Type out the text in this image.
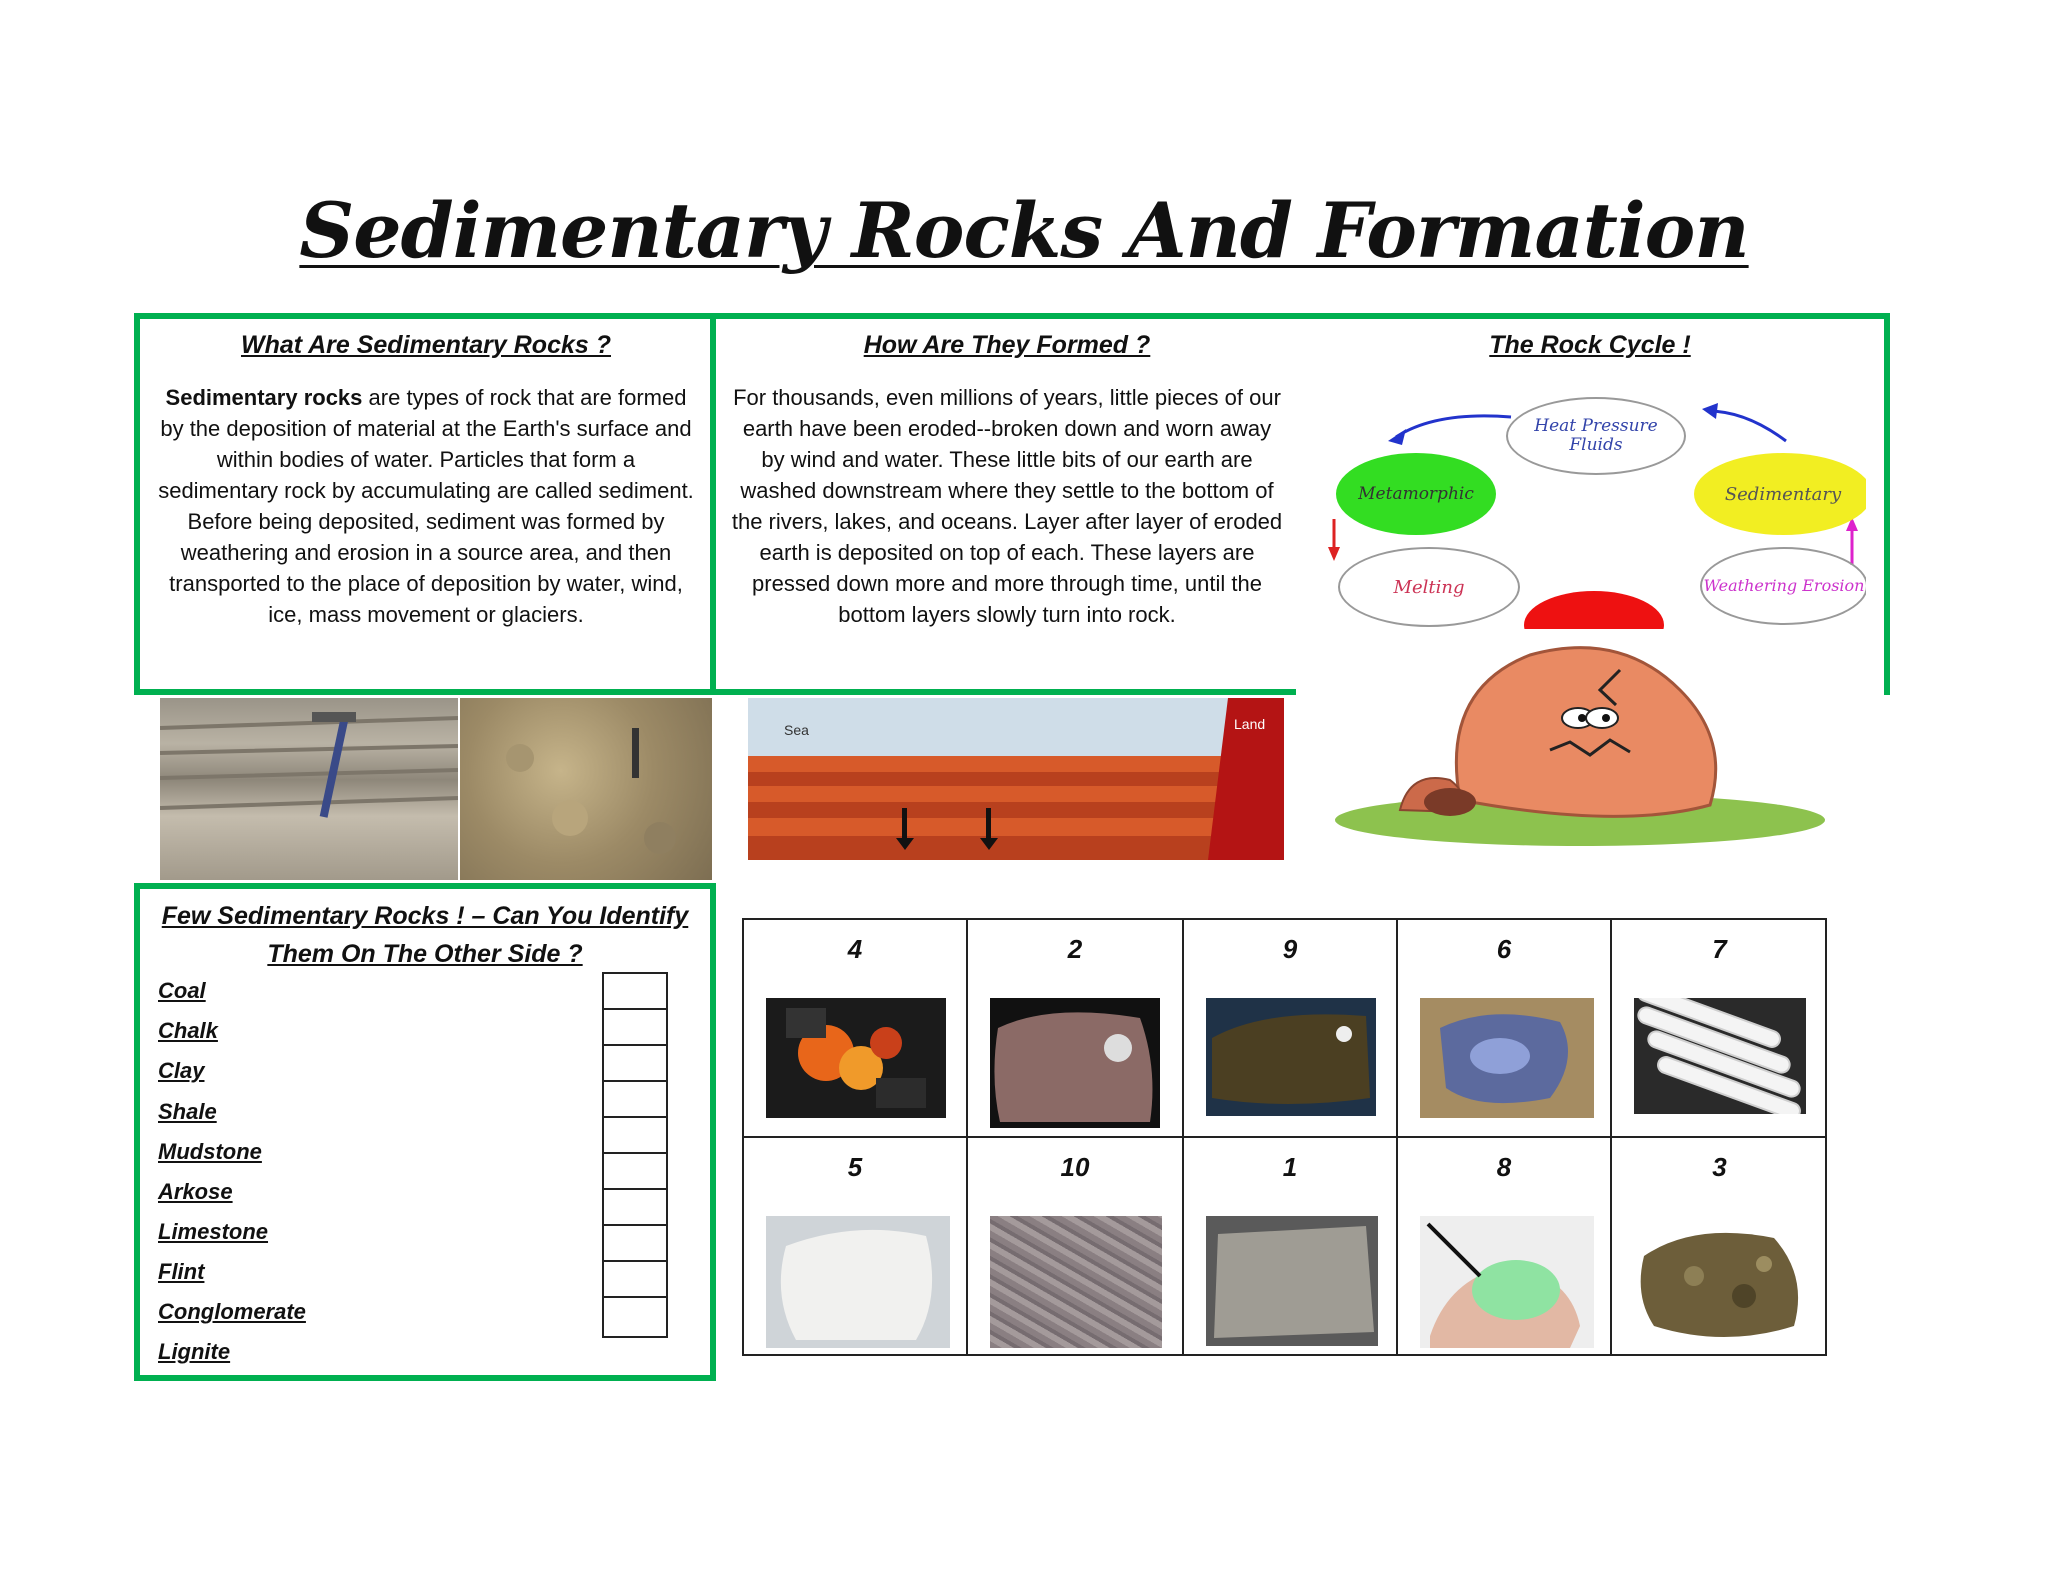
Sedimentary Rocks And Formation
What Are Sedimentary Rocks ?
Sedimentary rocks are types of rock that are formed by the deposition of material at the Earth's surface and within bodies of water. Particles that form a sedimentary rock by accumulating are called sediment. Before being deposited, sediment was formed by weathering and erosion in a source area, and then transported to the place of deposition by water, wind, ice, mass movement or glaciers.
How Are They Formed ?
For thousands, even millions of years, little pieces of our earth have been eroded--broken down and worn away by wind and water. These little bits of our earth are washed downstream where they settle to the bottom of the rivers, lakes, and oceans. Layer after layer of eroded earth is deposited on top of each. These layers are pressed down more and more through time, until the bottom layers slowly turn into rock.
The Rock Cycle !
Heat Pressure Fluids
Metamorphic	Sedimentary
Melting	Weathering Erosion
Sea	Land
Few Sedimentary Rocks ! – Can You Identify Them On The Other Side ?
Coal
Chalk
Clay
Shale
Mudstone
Arkose
Limestone
Flint
Conglomerate
Lignite
4	2	9	6	7
5	10	1	8	3
